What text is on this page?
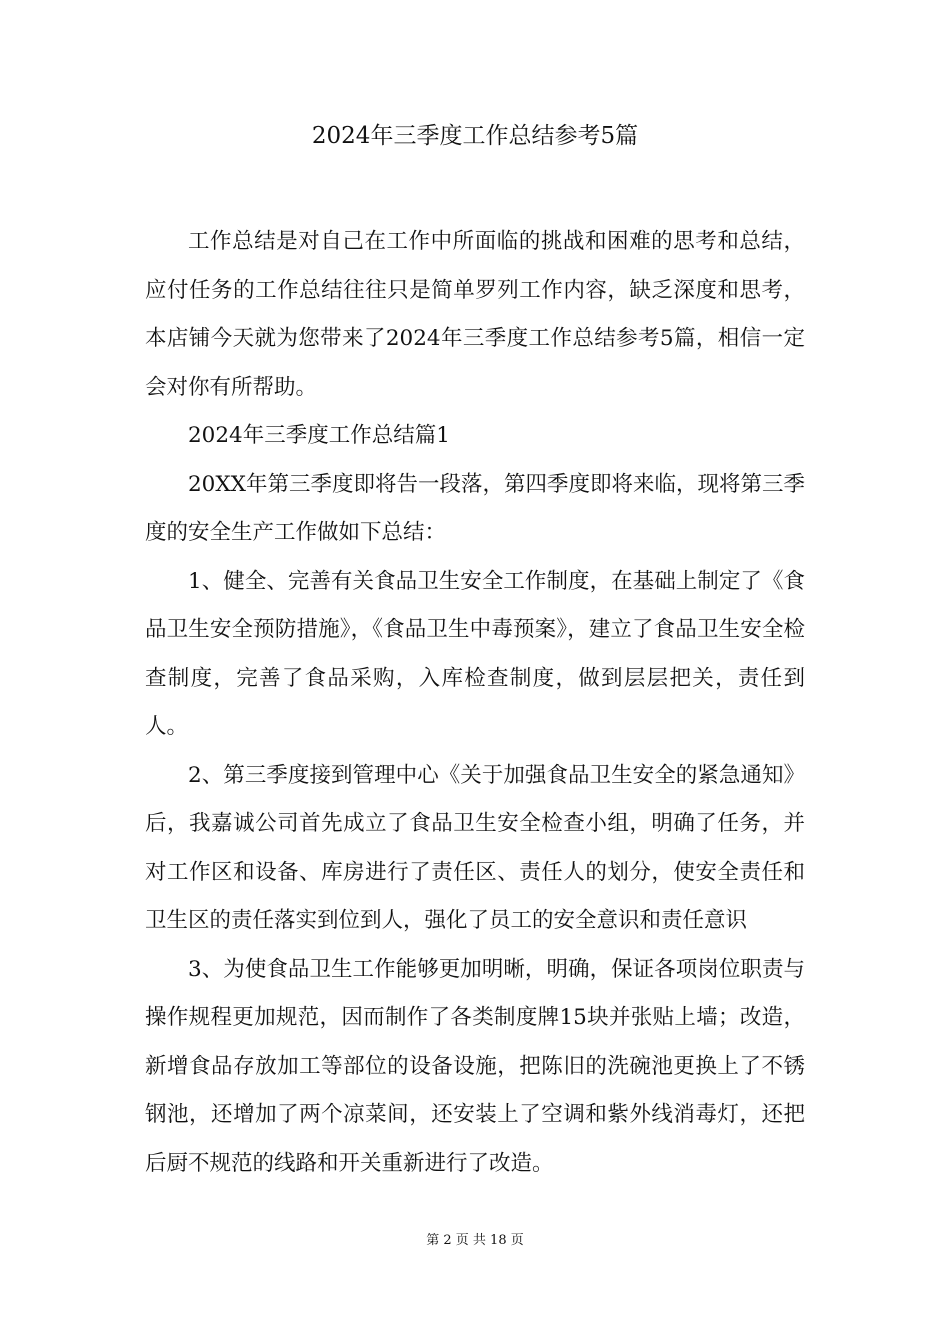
2024年三季度工作总结参考5篇

工作总结是对自己在工作中所面临的挑战和困难的思考和总结，应付任务的工作总结往往只是简单罗列工作内容，缺乏深度和思考，本店铺今天就为您带来了2024年三季度工作总结参考5篇，相信一定会对你有所帮助。

2024年三季度工作总结篇1

20XX年第三季度即将告一段落，第四季度即将来临，现将第三季度的安全生产工作做如下总结：

1、健全、完善有关食品卫生安全工作制度，在基础上制定了《食品卫生安全预防措施》，《食品卫生中毒预案》，建立了食品卫生安全检查制度，完善了食品采购，入库检查制度，做到层层把关，责任到人。

2、第三季度接到管理中心《关于加强食品卫生安全的紧急通知》后，我嘉诚公司首先成立了食品卫生安全检查小组，明确了任务，并对工作区和设备、库房进行了责任区、责任人的划分，使安全责任和卫生区的责任落实到位到人，强化了员工的安全意识和责任意识

3、为使食品卫生工作能够更加明晰，明确，保证各项岗位职责与操作规程更加规范，因而制作了各类制度牌15块并张贴上墙；改造，新增食品存放加工等部位的设备设施，把陈旧的洗碗池更换上了不锈钢池，还增加了两个凉菜间，还安装上了空调和紫外线消毒灯，还把后厨不规范的线路和开关重新进行了改造。

第 2 页 共 18 页
